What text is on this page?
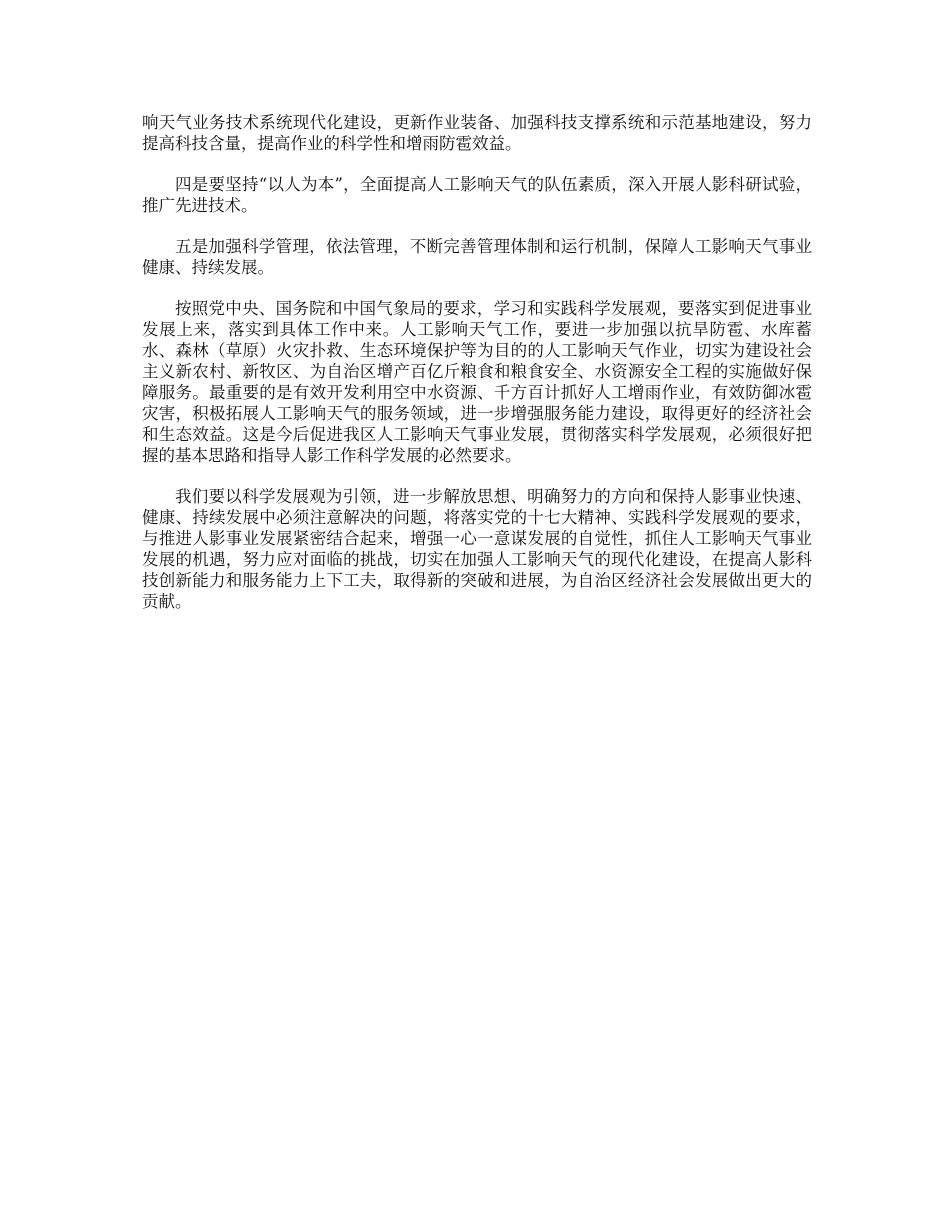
响天气业务技术系统现代化建设，更新作业装备、加强科技支撑系统和示范基地建设，努力提高科技含量，提高作业的科学性和增雨防雹效益。

四是要坚持“以人为本”，全面提高人工影响天气的队伍素质，深入开展人影科研试验，推广先进技术。

五是加强科学管理，依法管理，不断完善管理体制和运行机制，保障人工影响天气事业健康、持续发展。

按照党中央、国务院和中国气象局的要求，学习和实践科学发展观，要落实到促进事业发展上来，落实到具体工作中来。人工影响天气工作，要进一步加强以抗旱防雹、水库蓄水、森林（草原）火灾扑救、生态环境保护等为目的的人工影响天气作业，切实为建设社会主义新农村、新牧区、为自治区增产百亿斤粮食和粮食安全、水资源安全工程的实施做好保障服务。最重要的是有效开发利用空中水资源、千方百计抓好人工增雨作业，有效防御冰雹灾害，积极拓展人工影响天气的服务领域，进一步增强服务能力建设，取得更好的经济社会和生态效益。这是今后促进我区人工影响天气事业发展，贯彻落实科学发展观，必须很好把握的基本思路和指导人影工作科学发展的必然要求。

我们要以科学发展观为引领，进一步解放思想、明确努力的方向和保持人影事业快速、健康、持续发展中必须注意解决的问题，将落实党的十七大精神、实践科学发展观的要求，与推进人影事业发展紧密结合起来，增强一心一意谋发展的自觉性，抓住人工影响天气事业发展的机遇，努力应对面临的挑战，切实在加强人工影响天气的现代化建设，在提高人影科技创新能力和服务能力上下工夫，取得新的突破和进展，为自治区经济社会发展做出更大的贡献。
